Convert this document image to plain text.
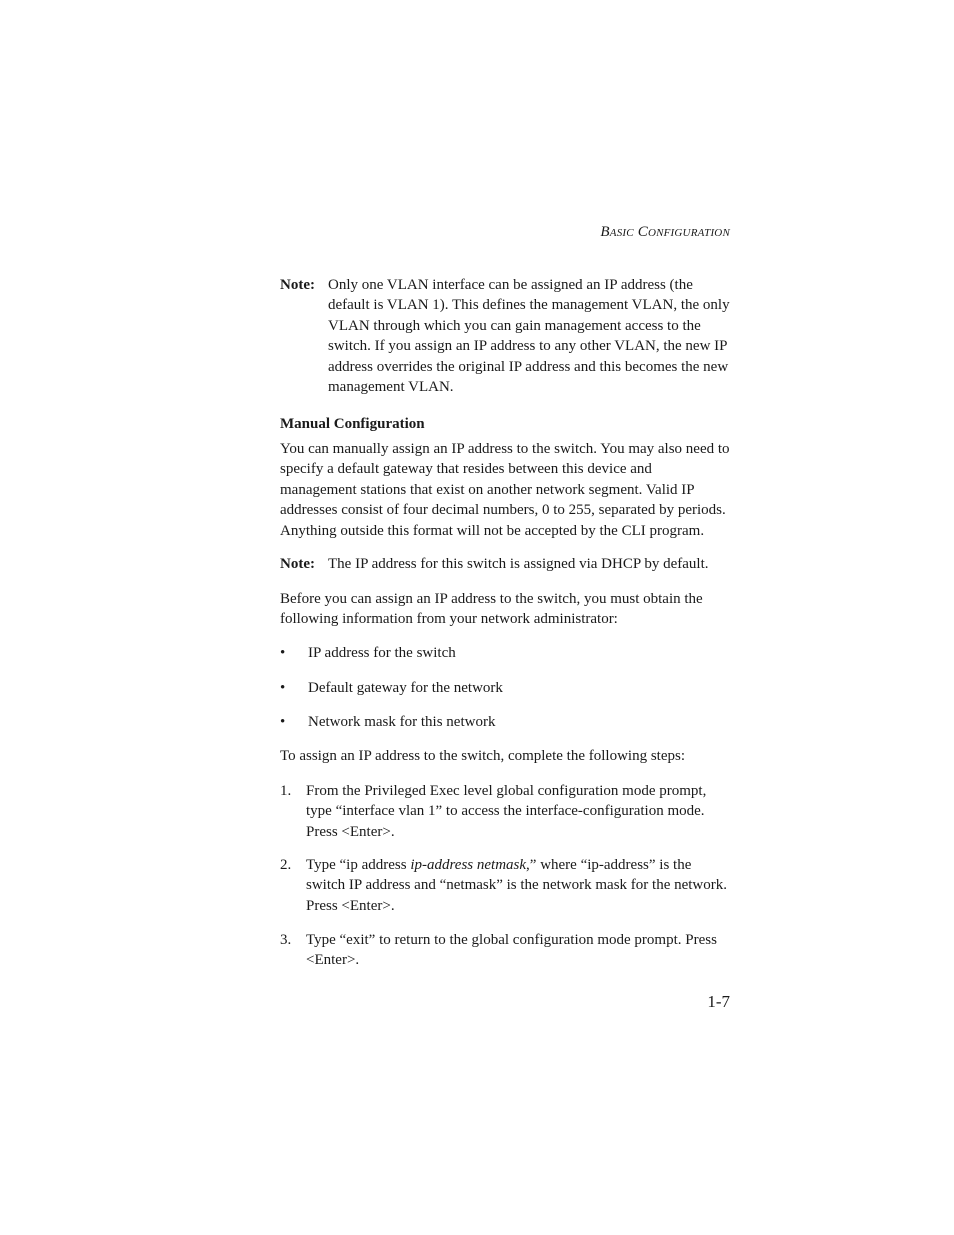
Basic Configuration
Note: Only one VLAN interface can be assigned an IP address (the default is VLAN 1). This defines the management VLAN, the only VLAN through which you can gain management access to the switch. If you assign an IP address to any other VLAN, the new IP address overrides the original IP address and this becomes the new management VLAN.
Manual Configuration

You can manually assign an IP address to the switch. You may also need to specify a default gateway that resides between this device and management stations that exist on another network segment. Valid IP addresses consist of four decimal numbers, 0 to 255, separated by periods. Anything outside this format will not be accepted by the CLI program.

Note: The IP address for this switch is assigned via DHCP by default.

Before you can assign an IP address to the switch, you must obtain the following information from your network administrator:

• IP address for the switch
• Default gateway for the network
• Network mask for this network

To assign an IP address to the switch, complete the following steps:

1. From the Privileged Exec level global configuration mode prompt, type “interface vlan 1” to access the interface-configuration mode. Press <Enter>.
2. Type “ip address ip-address netmask,” where “ip-address” is the switch IP address and “netmask” is the network mask for the network. Press <Enter>.
3. Type “exit” to return to the global configuration mode prompt. Press <Enter>.
1-7
